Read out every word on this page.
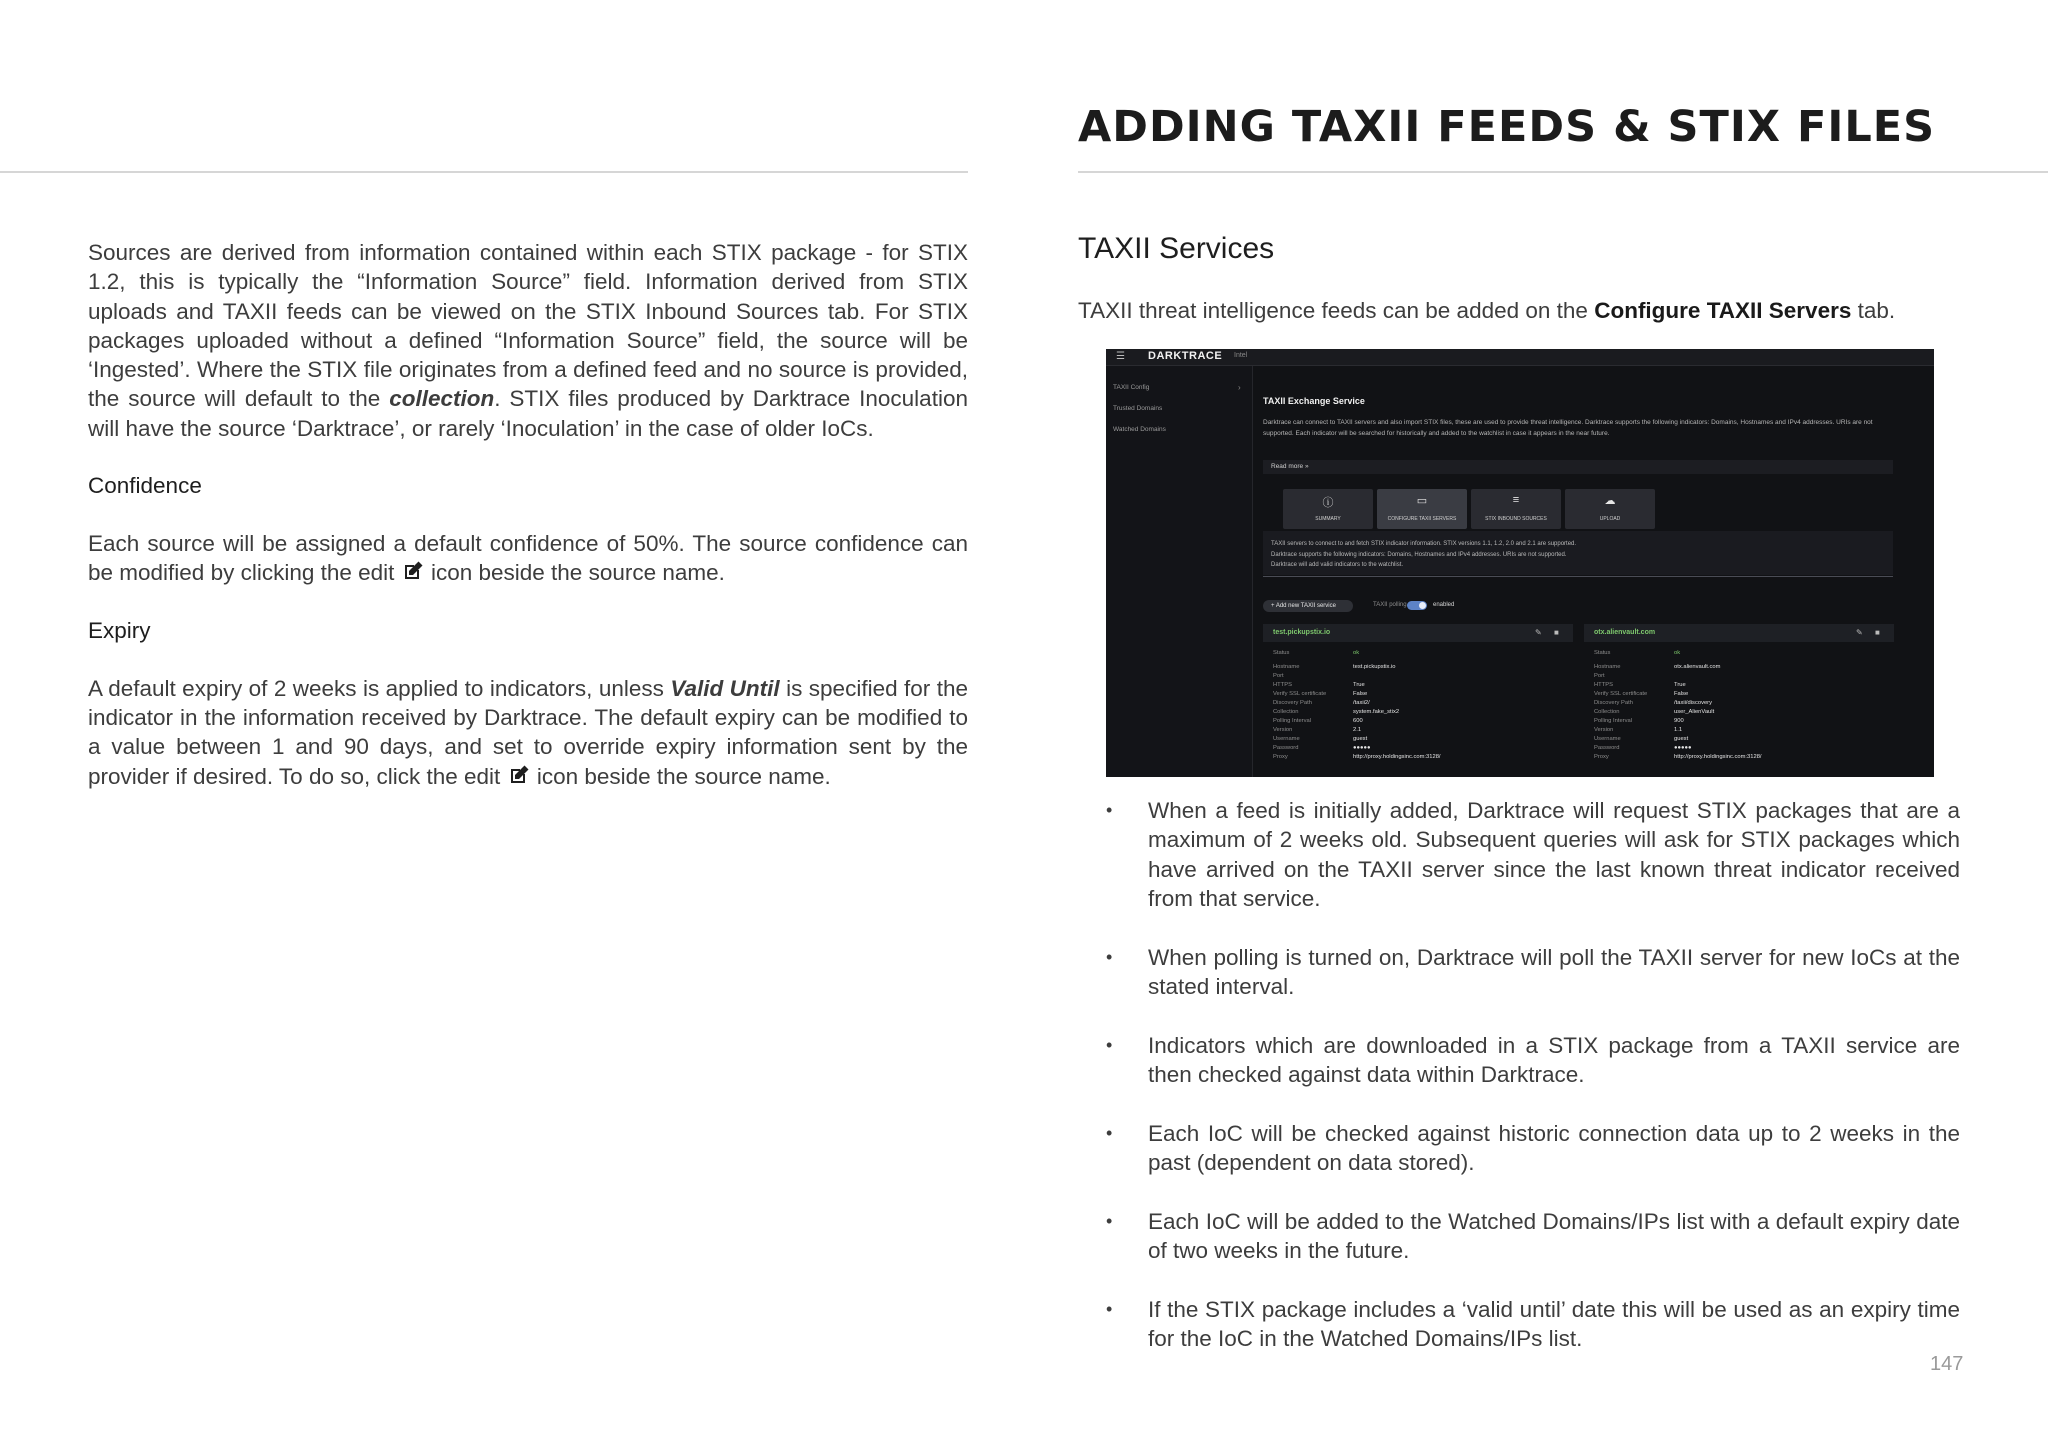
ADDING TAXII FEEDS & STIX FILES

Sources are derived from information contained within each STIX package - for STIX 1.2, this is typically the “Information Source” field. Information derived from STIX uploads and TAXII feeds can be viewed on the STIX Inbound Sources tab. For STIX packages uploaded without a defined “Information Source” field, the source will be ‘Ingested’. Where the STIX file originates from a defined feed and no source is provided, the source will default to the collection. STIX files produced by Darktrace Inoculation will have the source ‘Darktrace’, or rarely ‘Inoculation’ in the case of older IoCs.

Confidence

Each source will be assigned a default confidence of 50%. The source confidence can be modified by clicking the edit icon beside the source name.

Expiry

A default expiry of 2 weeks is applied to indicators, unless Valid Until is specified for the indicator in the information received by Darktrace. The default expiry can be modified to a value between 1 and 90 days, and set to override expiry information sent by the provider if desired. To do so, click the edit icon beside the source name.

TAXII Services

TAXII threat intelligence feeds can be added on the Configure TAXII Servers tab.

☰ DARKTRACE Intel
TAXII Config	›
Trusted Domains
Watched Domains
TAXII Exchange Service
Darktrace can connect to TAXII servers and also import STIX files, these are used to provide threat intelligence. Darktrace supports the following indicators: Domains, Hostnames and IPv4 addresses. URIs are not supported. Each indicator will be searched for historically and added to the watchlist in case it appears in the near future.
Read more »
ⓘ
SUMMARY
▭
CONFIGURE TAXII SERVERS
≡
STIX INBOUND SOURCES
☁
UPLOAD
TAXII servers to connect to and fetch STIX indicator information. STIX versions 1.1, 1.2, 2.0 and 2.1 are supported.
Darktrace supports the following indicators: Domains, Hostnames and IPv4 addresses. URIs are not supported.
Darktrace will add valid indicators to the watchlist.
+ Add new TAXII service	TAXII polling	enabled
test.pickupstix.io	✎ ■
Status	ok
Hostname	test.pickupstix.io
Port
HTTPS	True
Verify SSL certificate	False
Discovery Path	/taxii2/
Collection	system.fake_stix2
Polling Interval	600
Version	2.1
Username	guest
Password	●●●●●
Proxy	http://proxy.holdingsinc.com:3128/
otx.alienvault.com	✎ ■
Status	ok
Hostname	otx.alienvault.com
Port
HTTPS	True
Verify SSL certificate	False
Discovery Path	/taxii/discovery
Collection	user_AlienVault
Polling Interval	900
Version	1.1
Username	guest
Password	●●●●●
Proxy	http://proxy.holdingsinc.com:3128/
• When a feed is initially added, Darktrace will request STIX packages that are a maximum of 2 weeks old. Subsequent queries will ask for STIX packages which have arrived on the TAXII server since the last known threat indicator received from that service.
• When polling is turned on, Darktrace will poll the TAXII server for new IoCs at the stated interval.
• Indicators which are downloaded in a STIX package from a TAXII service are then checked against data within Darktrace.
• Each IoC will be checked against historic connection data up to 2 weeks in the past (dependent on data stored).
• Each IoC will be added to the Watched Domains/IPs list with a default expiry date of two weeks in the future.
• If the STIX package includes a ‘valid until’ date this will be used as an expiry time for the IoC in the Watched Domains/IPs list.
147
